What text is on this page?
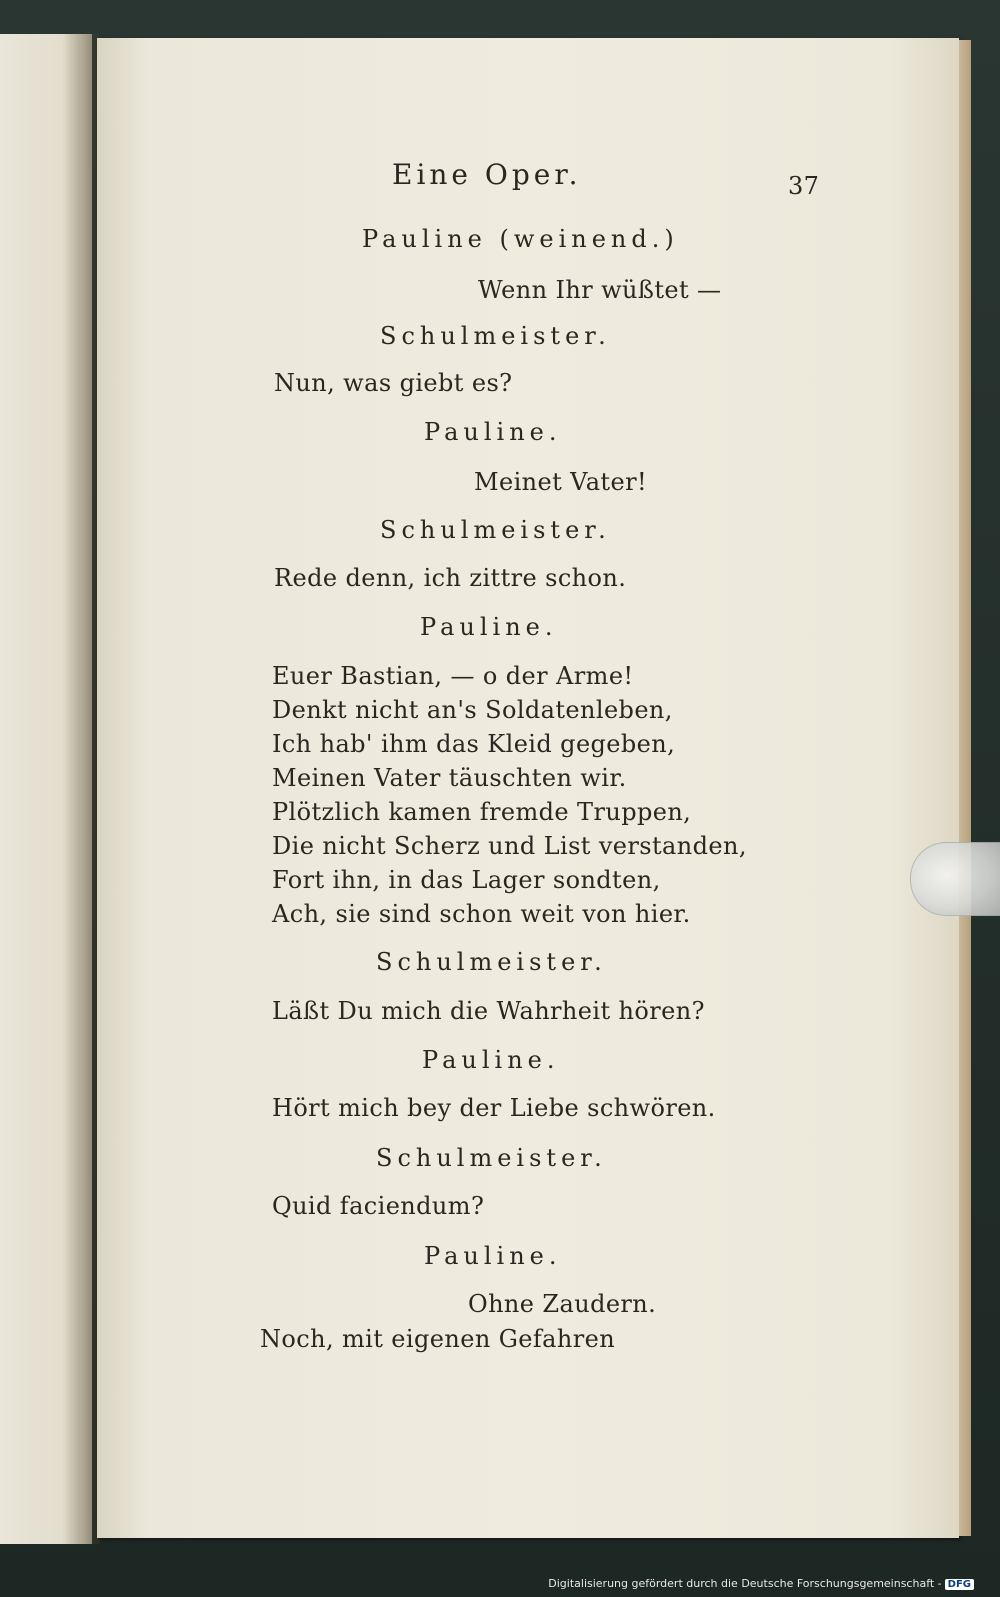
Eine Oper.	37
Pauline (weinend.)
Wenn Ihr wüßtet —
Schulmeister.
Nun, was giebt es?
Pauline.
Meinet Vater!
Schulmeister.
Rede denn, ich zittre schon.
Pauline.
Euer Bastian, — o der Arme!
Denkt nicht an's Soldatenleben,
Ich hab' ihm das Kleid gegeben,
Meinen Vater täuschten wir.
Plötzlich kamen fremde Truppen,
Die nicht Scherz und List verstanden,
Fort ihn, in das Lager sondten,
Ach, sie sind schon weit von hier.
Schulmeister.
Läßt Du mich die Wahrheit hören?
Pauline.
Hört mich bey der Liebe schwören.
Schulmeister.
Quid faciendum?
Pauline.
Ohne Zaudern.
Noch, mit eigenen Gefahren
Digitalisierung gefördert durch die Deutsche Forschungsgemeinschaft - DFG
